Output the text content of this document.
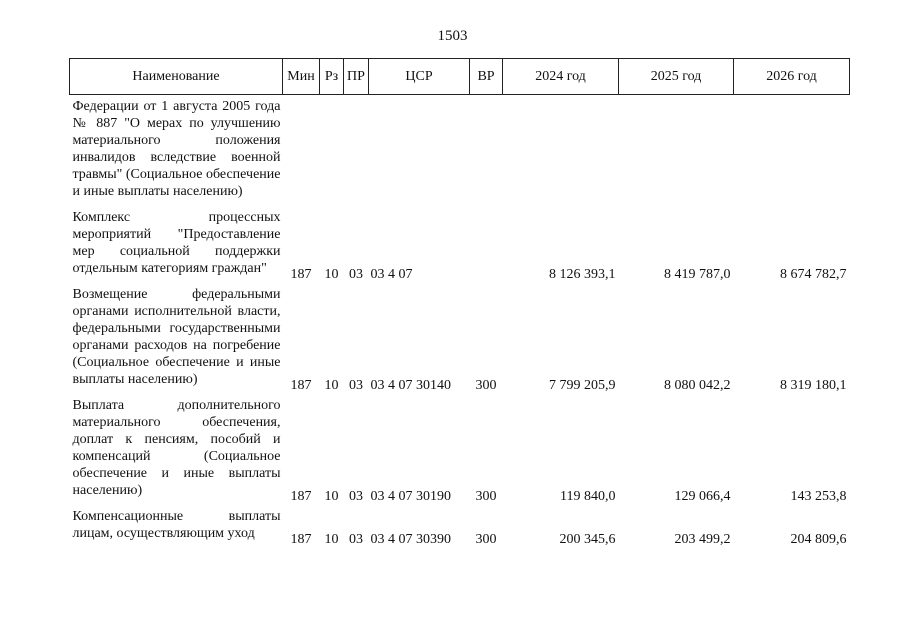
1503
Наименование	Мин	Рз	ПР	ЦСР	ВР	2024 год	2025 год	2026 год
Федерации от 1 августа 2005 года № 887 "О мерах по улучшению материального положения инвалидов вследствие военной травмы" (Социальное обеспечение и иные выплаты населению)								
Комплекс процессных мероприятий "Предоставление мер социальной поддержки отдельным категориям граждан"	187	10	03	03 4 07		8 126 393,1	8 419 787,0	8 674 782,7
Возмещение федеральными органами исполнительной власти, федеральными государственными органами расходов на погребение (Социальное обеспечение и иные выплаты населению)	187	10	03	03 4 07 30140	300	7 799 205,9	8 080 042,2	8 319 180,1
Выплата дополнительного материального обеспечения, доплат к пенсиям, пособий и компенсаций (Социальное обеспечение и иные выплаты населению)	187	10	03	03 4 07 30190	300	119 840,0	129 066,4	143 253,8
Компенсационные выплаты лицам, осуществляющим уход	187	10	03	03 4 07 30390	300	200 345,6	203 499,2	204 809,6
